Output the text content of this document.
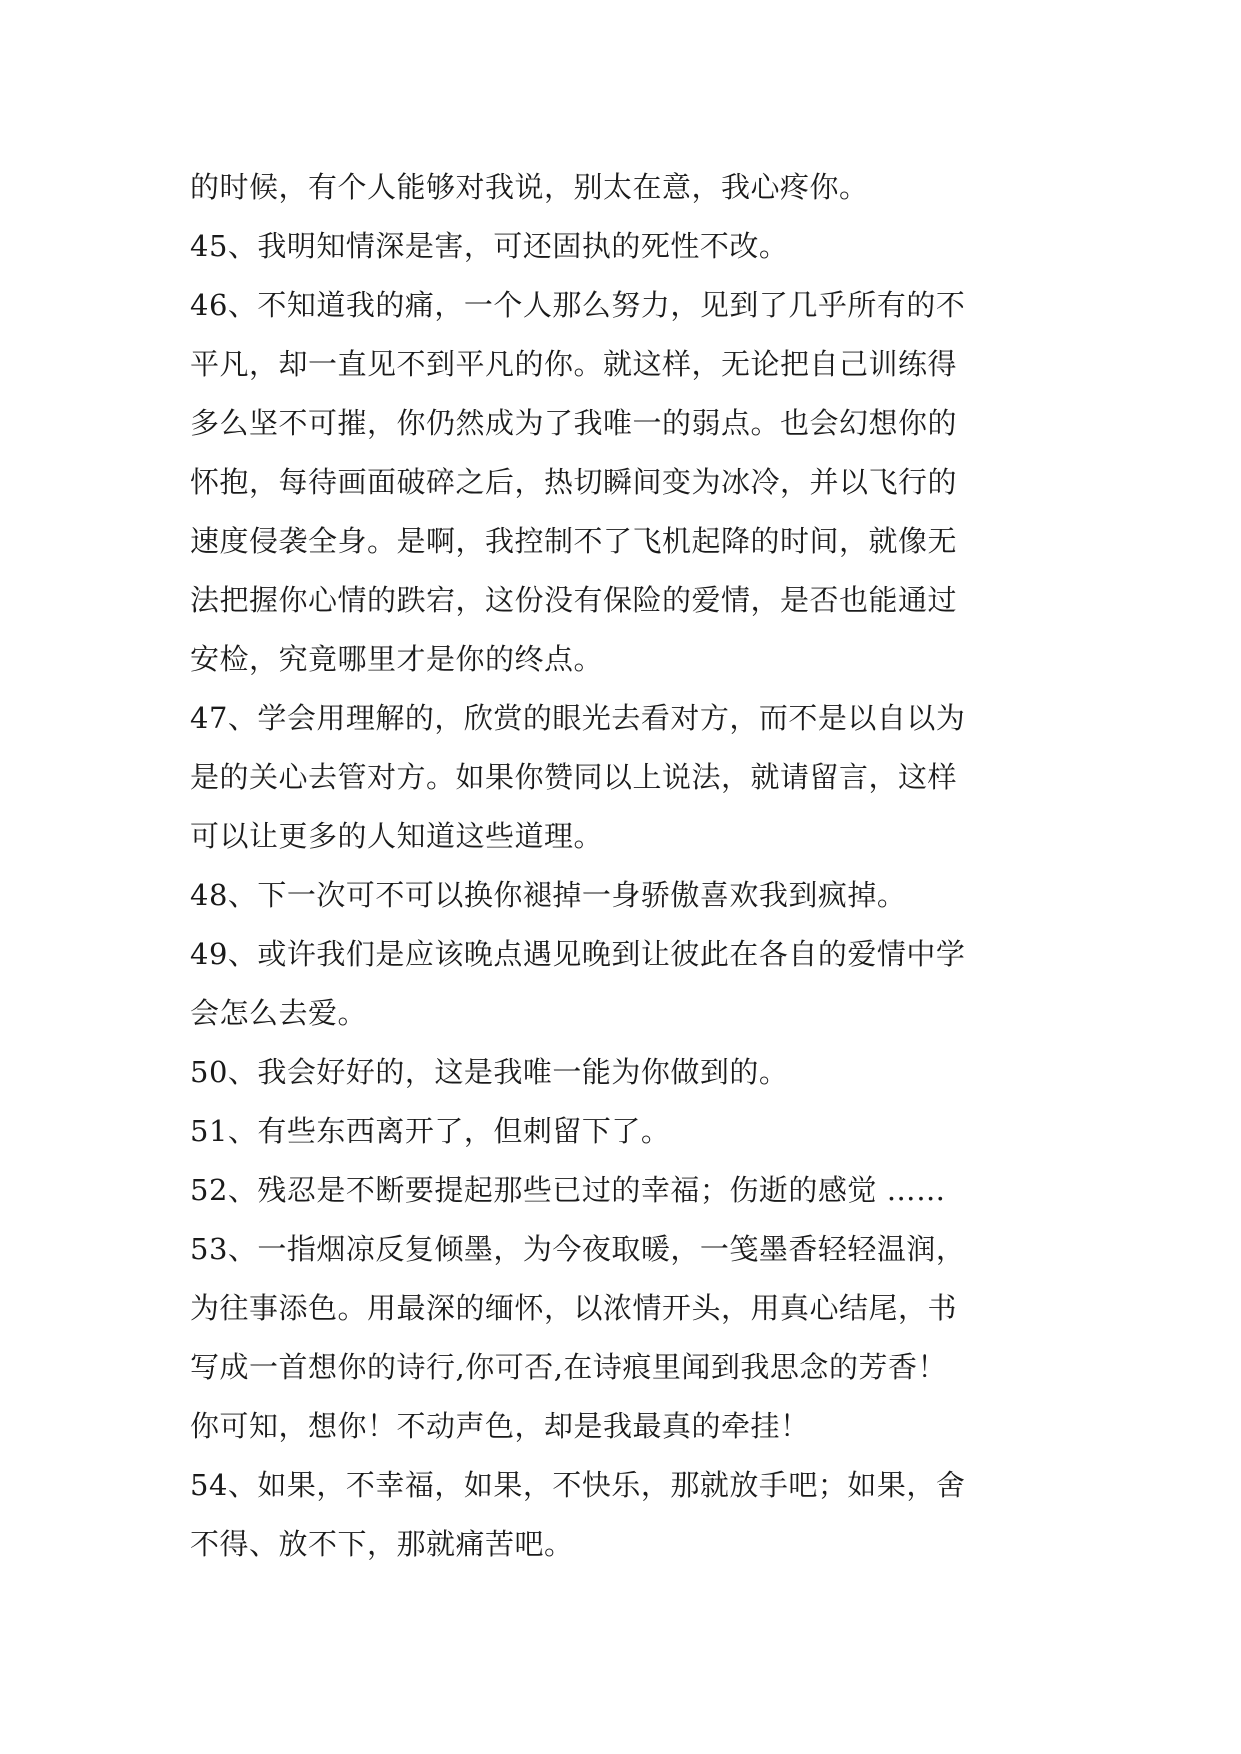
的时候，有个人能够对我说，别太在意，我心疼你。
45、我明知情深是害，可还固执的死性不改。
46、不知道我的痛，一个人那么努力，见到了几乎所有的不
平凡，却一直见不到平凡的你。就这样，无论把自己训练得
多么坚不可摧，你仍然成为了我唯一的弱点。也会幻想你的
怀抱，每待画面破碎之后，热切瞬间变为冰冷，并以飞行的
速度侵袭全身。是啊，我控制不了飞机起降的时间，就像无
法把握你心情的跌宕，这份没有保险的爱情，是否也能通过
安检，究竟哪里才是你的终点。
47、学会用理解的，欣赏的眼光去看对方，而不是以自以为
是的关心去管对方。如果你赞同以上说法，就请留言，这样
可以让更多的人知道这些道理。
48、下一次可不可以换你褪掉一身骄傲喜欢我到疯掉。
49、或许我们是应该晚点遇见晚到让彼此在各自的爱情中学
会怎么去爱。
50、我会好好的，这是我唯一能为你做到的。
51、有些东西离开了，但刺留下了。
52、残忍是不断要提起那些已过的幸福；伤逝的感觉 ……
53、一指烟凉反复倾墨，为今夜取暖，一笺墨香轻轻温润，
为往事添色。用最深的缅怀，以浓情开头，用真心结尾，书
写成一首想你的诗行,你可否,在诗痕里闻到我思念的芳香！
你可知，想你！不动声色，却是我最真的牵挂！
54、如果，不幸福，如果，不快乐，那就放手吧；如果，舍
不得、放不下，那就痛苦吧。
